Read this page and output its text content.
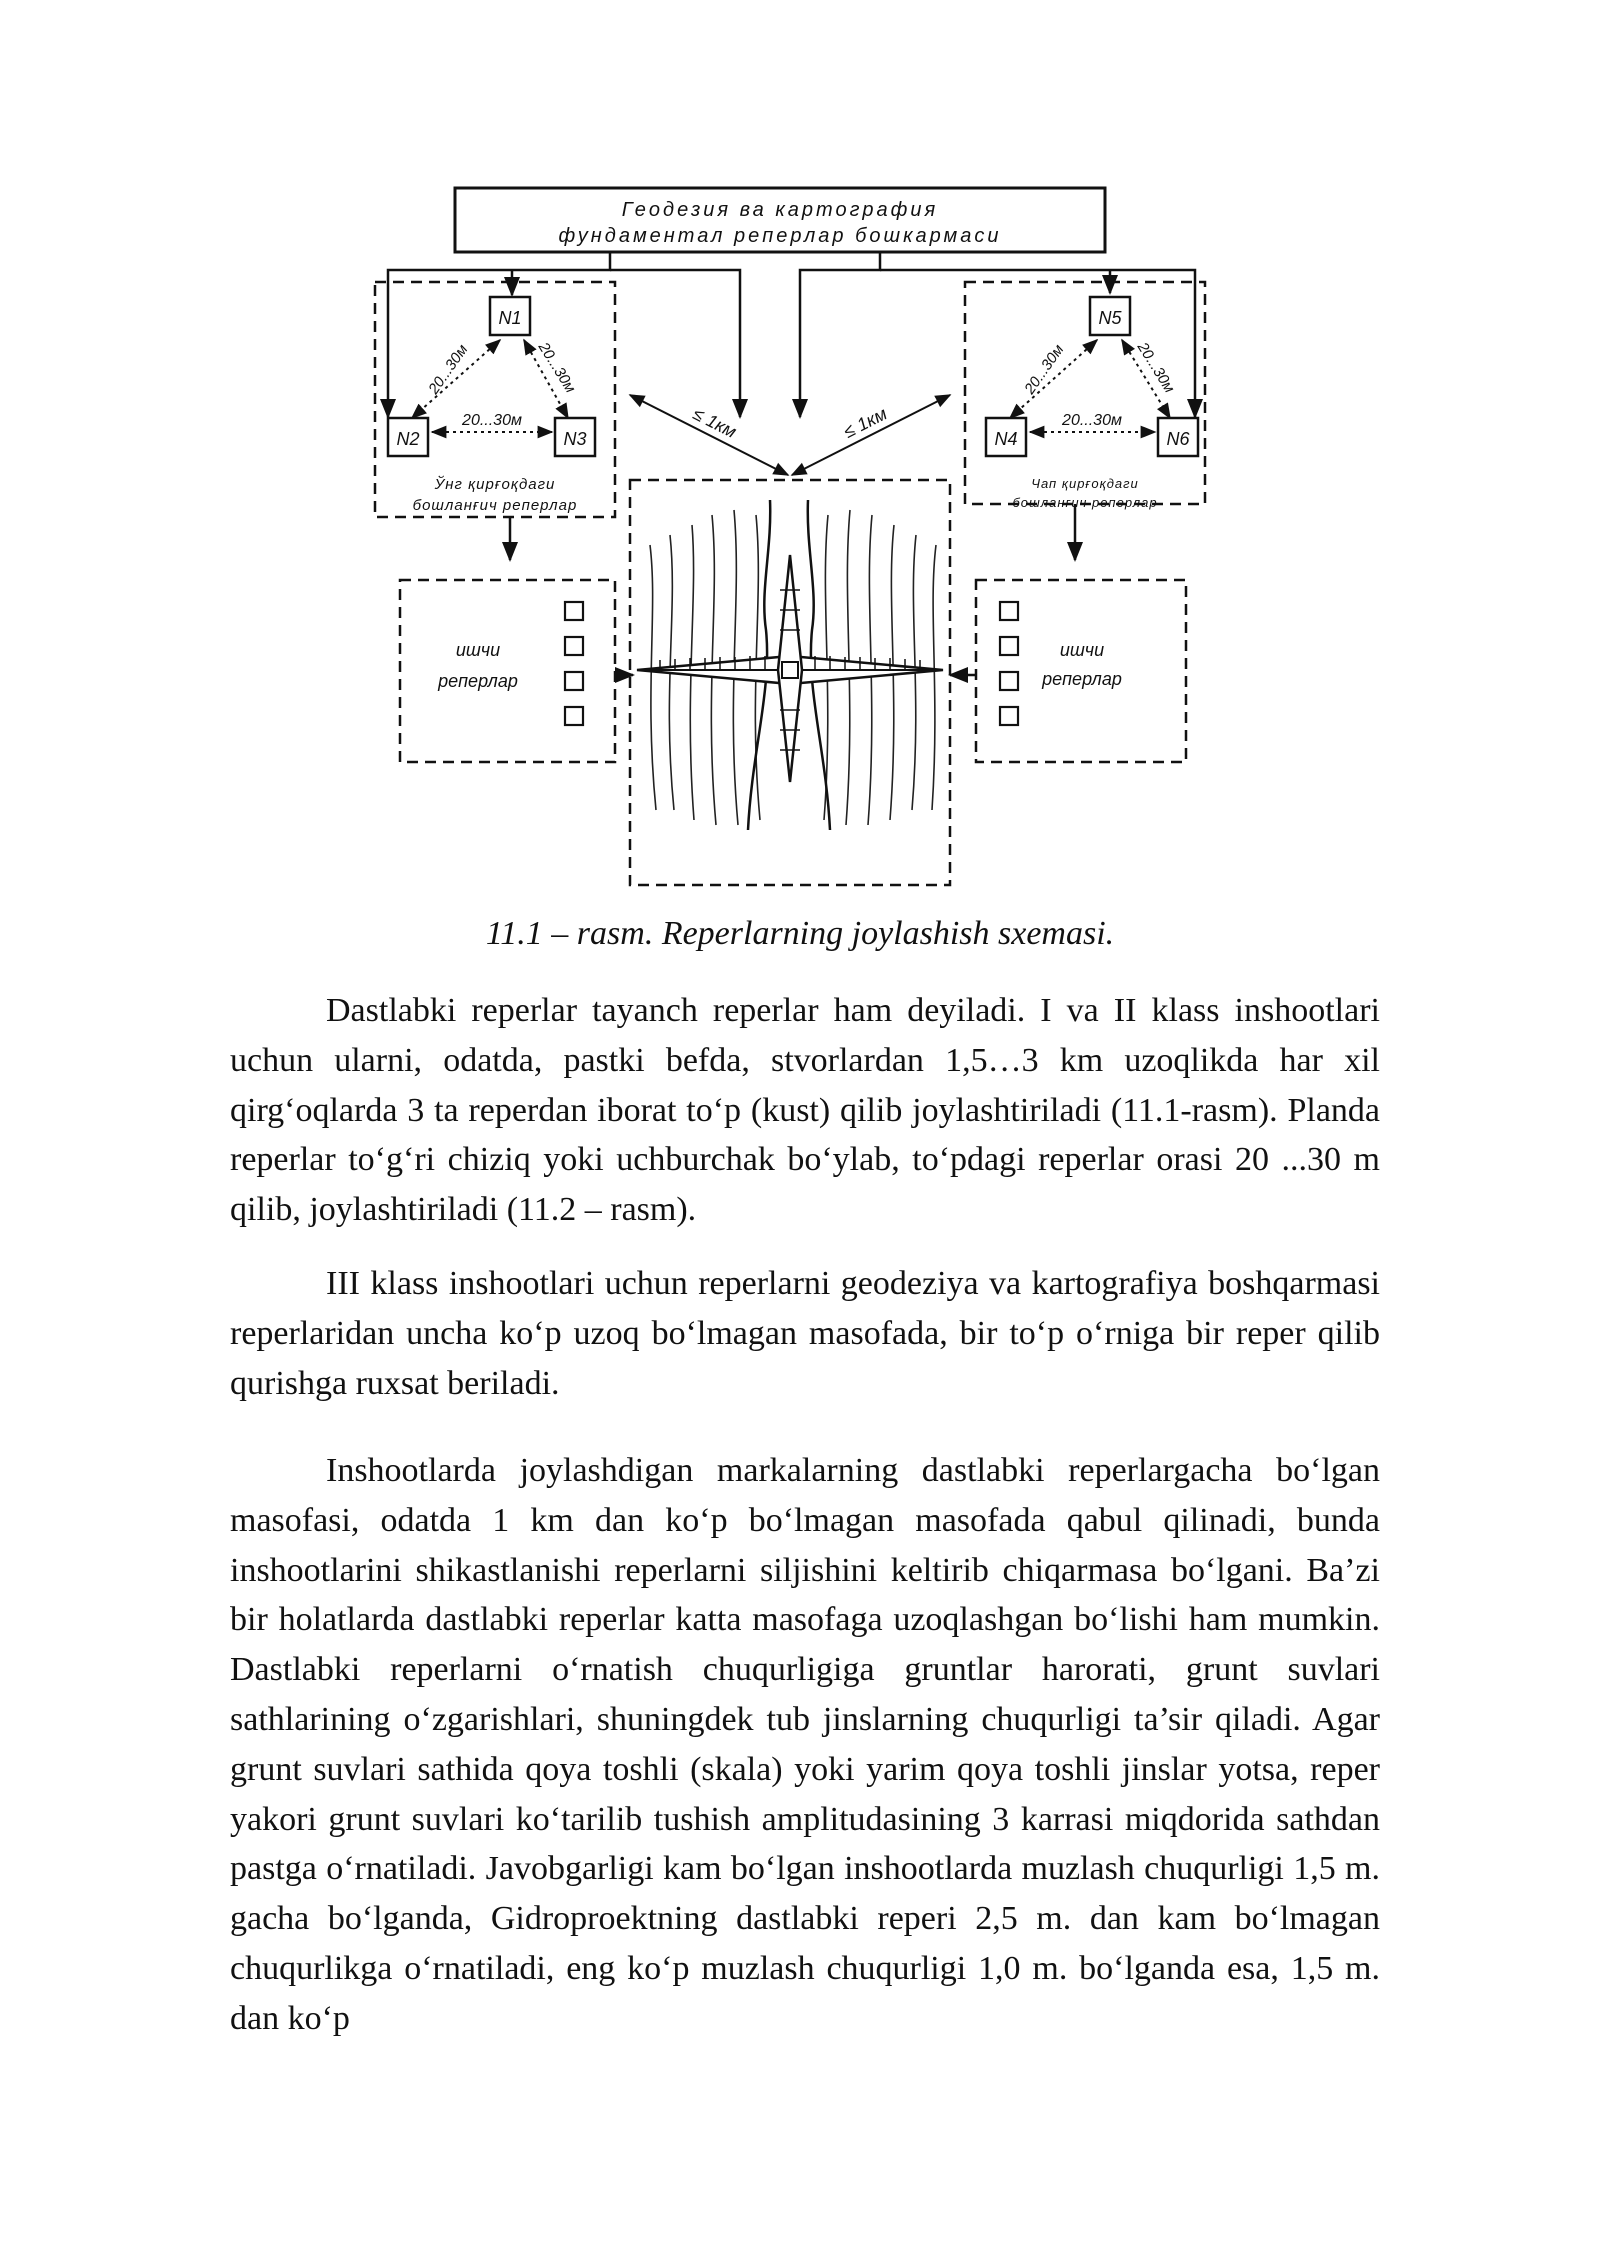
Геодезия ва картография
фундаментал реперлар бошкармаси
N1
N2	N3
20...30м	20...30м
20...30м
Ўнг қирғоқдаги
бошланғич реперлар
N5
N4	N6
20...30м	20...30м
20...30м
Чап қирғоқдаги
бошланғич реперлар
≤ 1км	≤ 1км
ишчи
реперлар
ишчи
реперлар
11.1 – rasm. Reperlarning joylashish sxemasi.

Dastlabki reperlar tayanch reperlar ham deyiladi. I va II klass inshootlari uchun ularni, odatda, pastki befda, stvorlardan 1,5…3 km uzoqlikda har xil qirg‘oqlarda 3 ta reperdan iborat to‘p (kust) qilib joylashtiriladi (11.1-rasm). Planda reperlar to‘g‘ri chiziq yoki uchburchak bo‘ylab, to‘pdagi reperlar orasi 20 ...30 m qilib, joylashtiriladi (11.2 – rasm).

III klass inshootlari uchun reperlarni geodeziya va kartografiya boshqarmasi reperlaridan uncha ko‘p uzoq bo‘lmagan masofada, bir to‘p o‘rniga bir reper qilib qurishga ruxsat beriladi.

Inshootlarda joylashdigan markalarning dastlabki reperlargacha bo‘lgan masofasi, odatda 1 km dan ko‘p bo‘lmagan masofada qabul qilinadi, bunda inshootlarini shikastlanishi reperlarni siljishini keltirib chiqarmasa bo‘lgani. Ba’zi bir holatlarda dastlabki reperlar katta masofaga uzoqlashgan bo‘lishi ham mumkin. Dastlabki reperlarni o‘rnatish chuqurligiga gruntlar harorati, grunt suvlari sathlarining o‘zgarishlari, shuningdek tub jinslarning chuqurligi ta’sir qiladi. Agar grunt suvlari sathida qoya toshli (skala) yoki yarim qoya toshli jinslar yotsa, reper yakori grunt suvlari ko‘tarilib tushish amplitudasining 3 karrasi miqdorida sathdan pastga o‘rnatiladi. Javobgarligi kam bo‘lgan inshootlarda muzlash chuqurligi 1,5 m. gacha bo‘lganda, Gidroproektning dastlabki reperi 2,5 m. dan kam bo‘lmagan chuqurlikga o‘rnatiladi, eng ko‘p muzlash chuqurligi 1,0 m. bo‘lganda esa, 1,5 m. dan ko‘p
